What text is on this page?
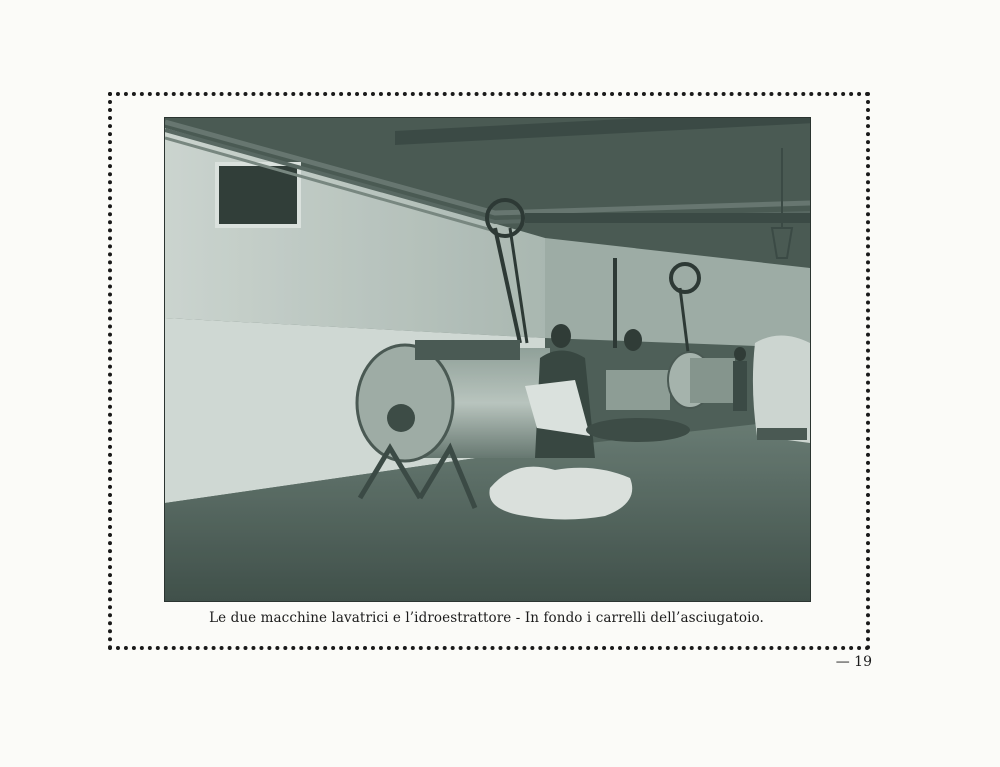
Le due macchine lavatrici e l’idroestrattore - In fondo i carrelli dell’asciugatoio.
— 19
